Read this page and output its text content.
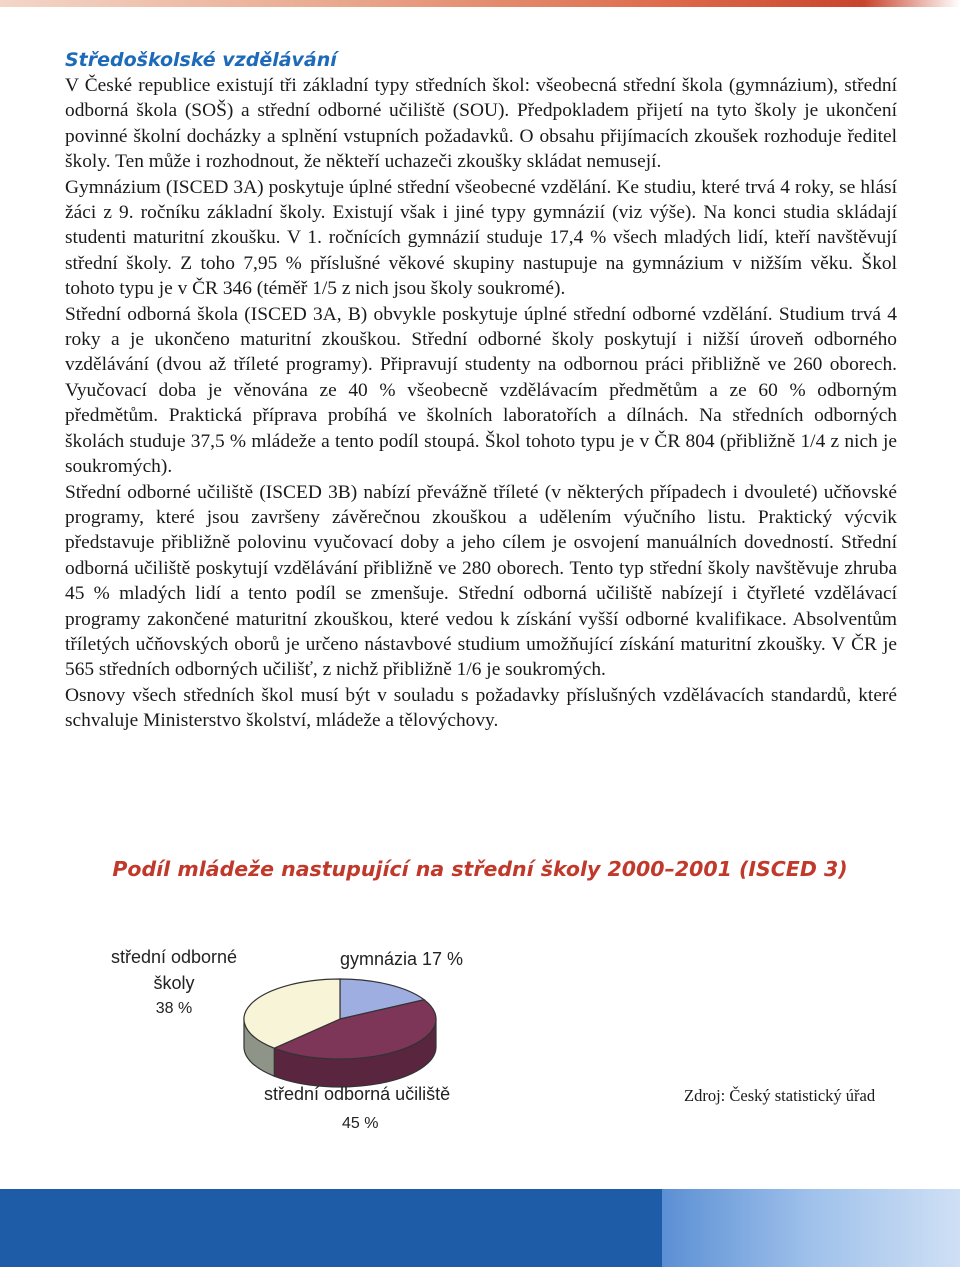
Středoškolské vzdělávání

V České republice existují tři základní typy středních škol: všeobecná střední škola (gymnázium), střední odborná škola (SOŠ) a střední odborné učiliště (SOU). Předpokladem přijetí na tyto školy je ukončení povinné školní docházky a splnění vstupních požadavků. O obsahu přijímacích zkoušek rozhoduje ředitel školy. Ten může i rozhodnout, že někteří uchazeči zkoušky skládat nemusejí.

Gymnázium (ISCED 3A) poskytuje úplné střední všeobecné vzdělání. Ke studiu, které trvá 4 roky, se hlásí žáci z 9. ročníku základní školy. Existují však i jiné typy gymnázií (viz výše). Na konci studia skládají studenti maturitní zkoušku. V 1. ročnících gymnázií studuje 17,4 % všech mladých lidí, kteří navštěvují střední školy. Z toho 7,95 % příslušné věkové skupiny nastupuje na gymnázium v nižším věku. Škol tohoto typu je v ČR 346 (téměř 1/5 z nich jsou školy soukromé).

Střední odborná škola (ISCED 3A, B) obvykle poskytuje úplné střední odborné vzdělání. Studium trvá 4 roky a je ukončeno maturitní zkouškou. Střední odborné školy poskytují i nižší úroveň odborného vzdělávání (dvou až tříleté programy). Připravují studenty na odbornou práci přibližně ve 260 oborech. Vyučovací doba je věnována ze 40 % všeobecně vzdělávacím předmětům a ze 60 % odborným předmětům. Praktická příprava probíhá ve školních laboratořích a dílnách. Na středních odborných školách studuje 37,5 % mládeže a tento podíl stoupá. Škol tohoto typu je v ČR 804 (přibližně 1/4 z nich je soukromých).

Střední odborné učiliště (ISCED 3B) nabízí převážně tříleté (v některých případech i dvouleté) učňovské programy, které jsou završeny závěrečnou zkouškou a udělením výučního listu. Praktický výcvik představuje přibližně polovinu vyučovací doby a jeho cílem je osvojení manuálních dovedností. Střední odborná učiliště poskytují vzdělávání přibližně ve 280 oborech. Tento typ střední školy navštěvuje zhruba 45 % mladých lidí a tento podíl se zmenšuje. Střední odborná učiliště nabízejí i čtyřleté vzdělávací programy zakončené maturitní zkouškou, které vedou k získání vyšší odborné kvalifikace. Absolventům tříletých učňovských oborů je určeno nástavbové studium umožňující získání maturitní zkoušky. V ČR je 565 středních odborných učilišť, z nichž přibližně 1/6 je soukromých.

Osnovy všech středních škol musí být v souladu s požadavky příslušných vzdělávacích standardů, které schvaluje Ministerstvo školství, mládeže a tělovýchovy.

Podíl mládeže nastupující na střední školy 2000–2001 (ISCED 3)
gymnázia 17 %
střední odborné
školy
38 %
střední odborná učiliště
45 %
Zdroj: Český statistický úřad
